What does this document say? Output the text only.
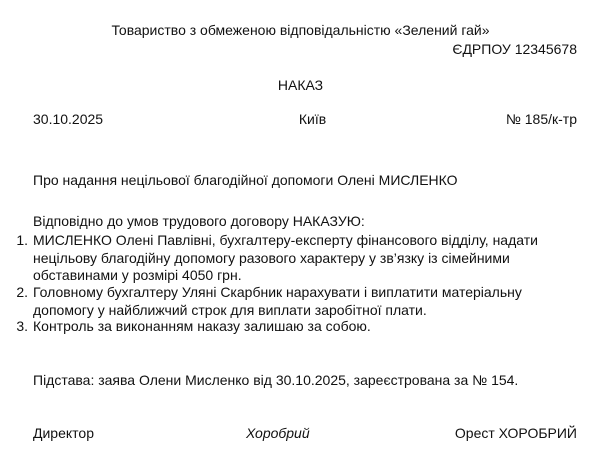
Товариство з обмеженою відповідальністю «Зелений гай»
ЄДРПОУ 12345678
НАКАЗ
30.10.2025	Київ	№ 185/к-тр
Про надання нецільової благодійної допомоги Олені МИСЛЕНКО
Відповідно до умов трудового договору НАКАЗУЮ:
1. МИСЛЕНКО Олені Павлівні, бухгалтеру-експерту фінансового відділу, надати нецільову благодійну допомогу разового характеру у зв’язку із сімейними обставинами у розмірі 4050 грн.
2. Головному бухгалтеру Уляні Скарбник нарахувати і виплатити матеріальну допомогу у найближчий строк для виплати заробітної плати.
3. Контроль за виконанням наказу залишаю за собою.
Підстава: заява Олени Мисленко від 30.10.2025, зареєстрована за № 154.
Директор	Хоробрий	Орест ХОРОБРИЙ
